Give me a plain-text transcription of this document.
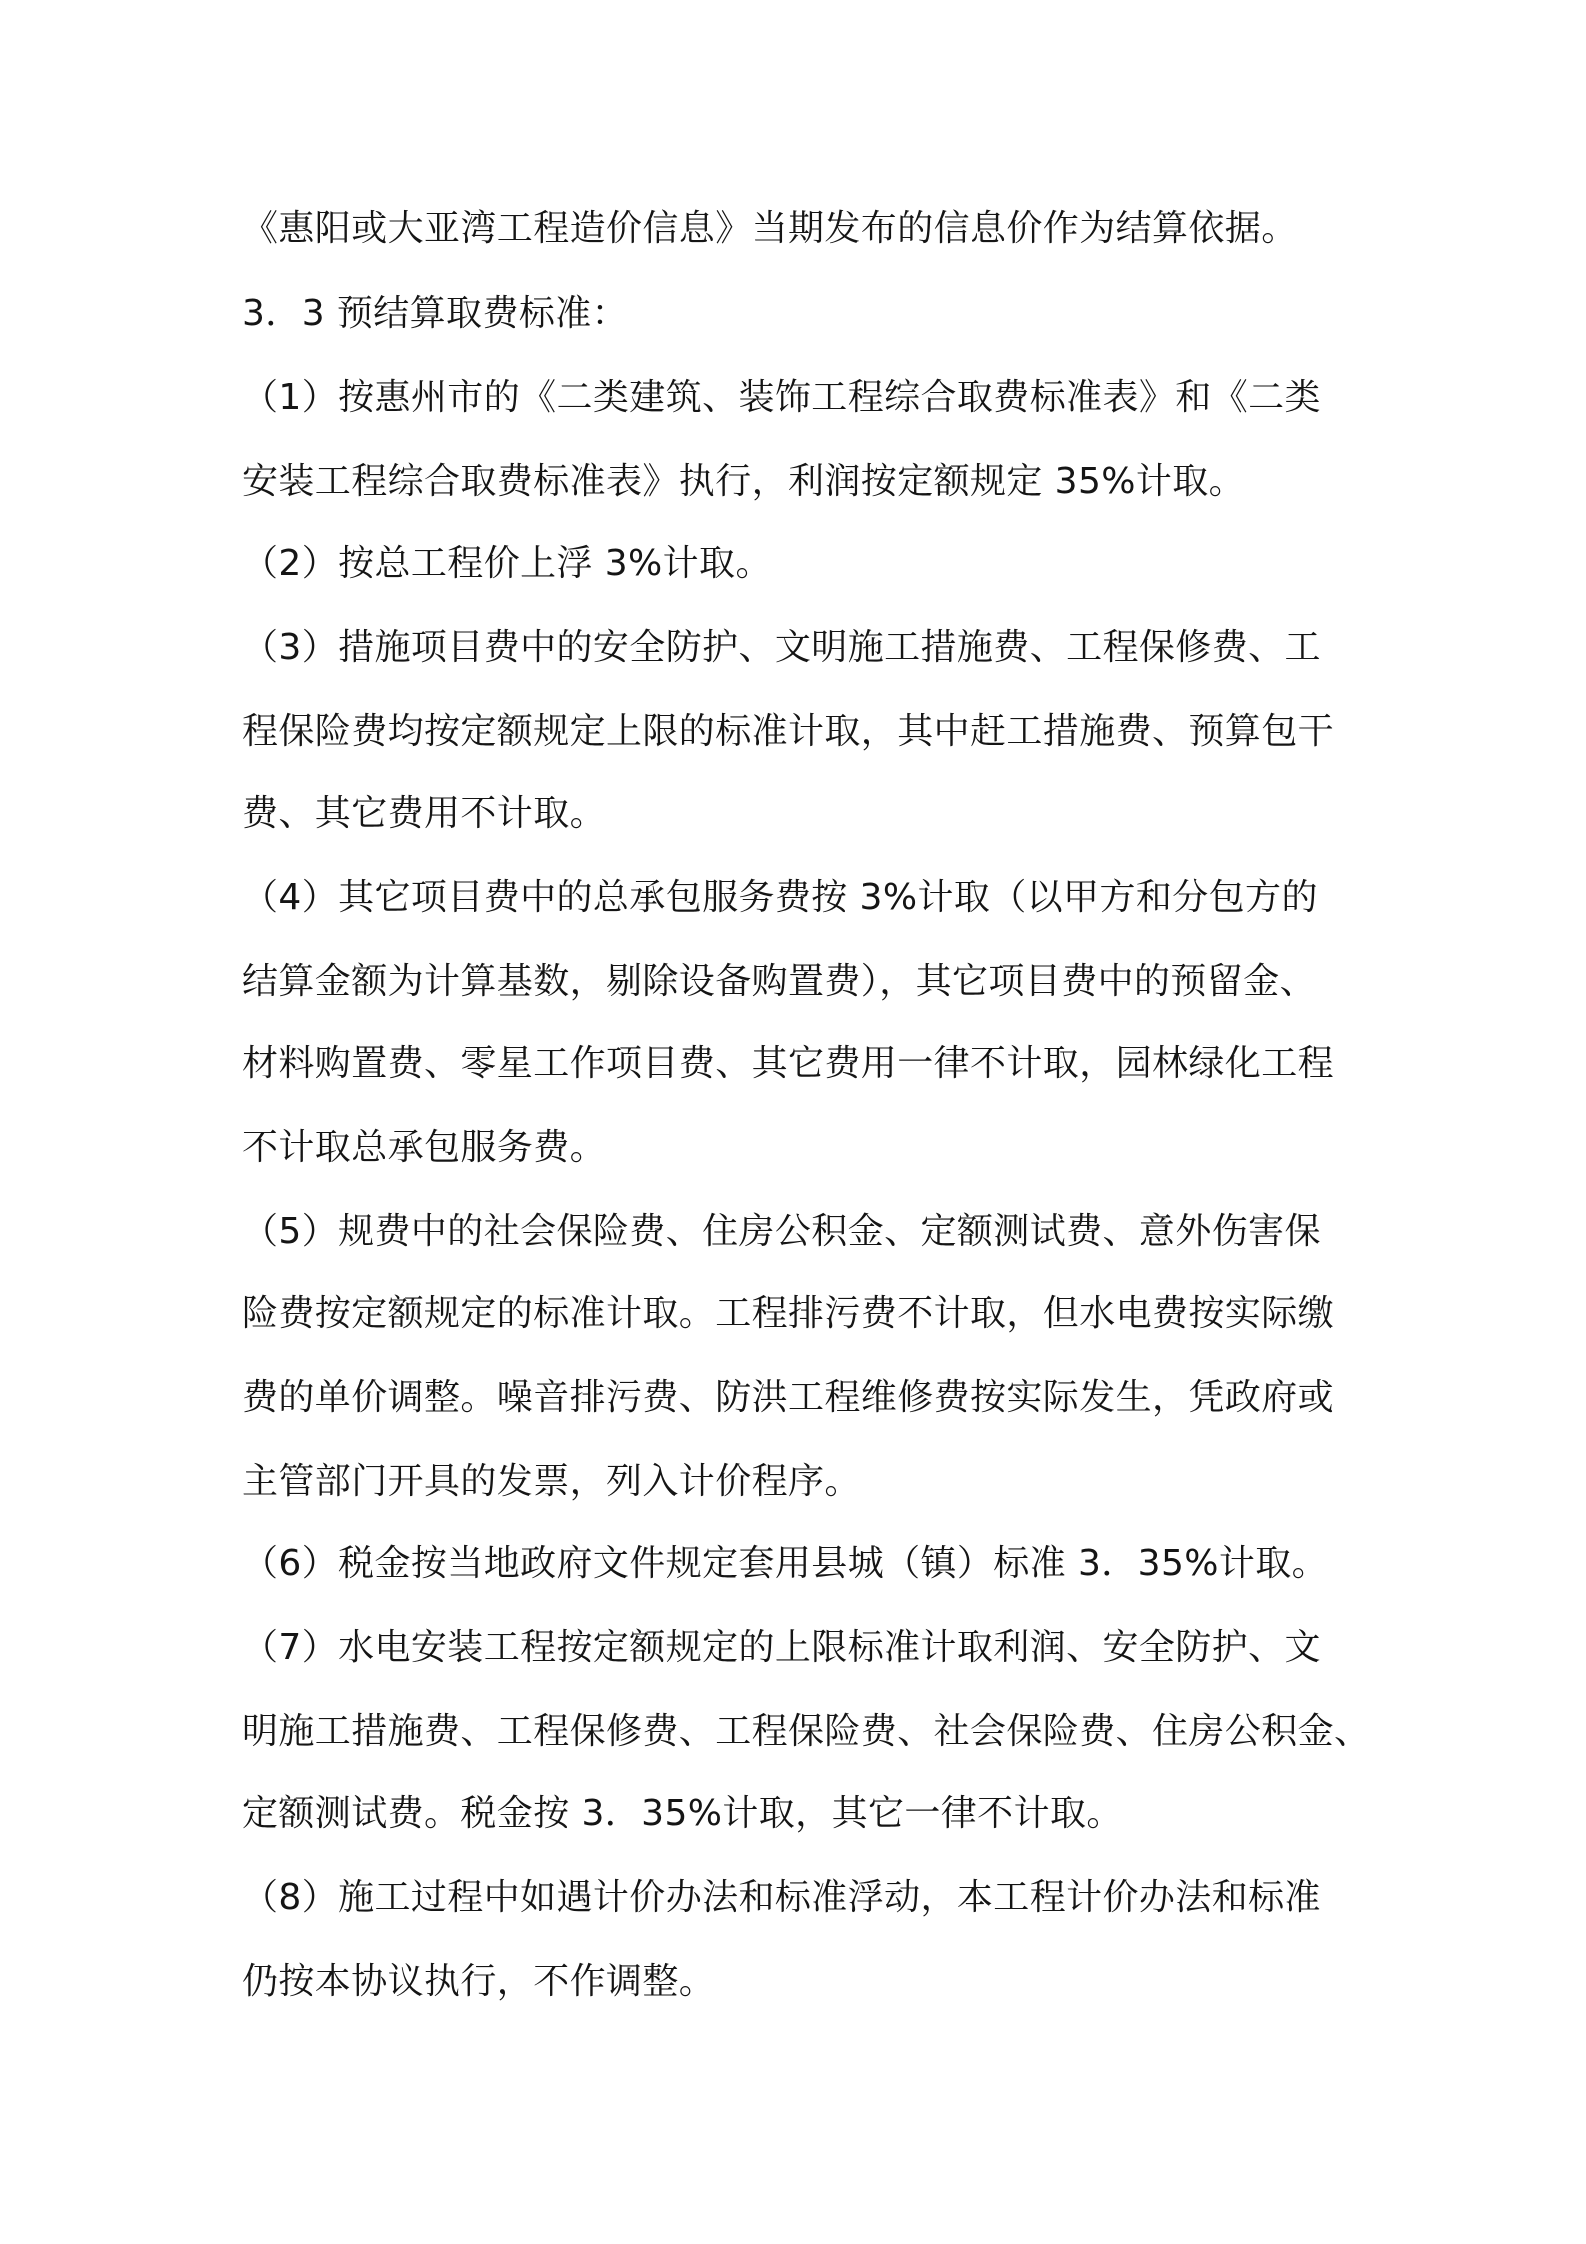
《惠阳或大亚湾工程造价信息》当期发布的信息价作为结算依据。
3．3 预结算取费标准：
（1）按惠州市的《二类建筑、装饰工程综合取费标准表》和《二类
安装工程综合取费标准表》执行，利润按定额规定 35%计取。
（2）按总工程价上浮 3%计取。
（3）措施项目费中的安全防护、文明施工措施费、工程保修费、工
程保险费均按定额规定上限的标准计取，其中赶工措施费、预算包干
费、其它费用不计取。
（4）其它项目费中的总承包服务费按 3%计取（以甲方和分包方的
结算金额为计算基数，剔除设备购置费），其它项目费中的预留金、
材料购置费、零星工作项目费、其它费用一律不计取，园林绿化工程
不计取总承包服务费。
（5）规费中的社会保险费、住房公积金、定额测试费、意外伤害保
险费按定额规定的标准计取。工程排污费不计取，但水电费按实际缴
费的单价调整。噪音排污费、防洪工程维修费按实际发生，凭政府或
主管部门开具的发票，列入计价程序。
（6）税金按当地政府文件规定套用县城（镇）标准 3．35%计取。
（7）水电安装工程按定额规定的上限标准计取利润、安全防护、文
明施工措施费、工程保修费、工程保险费、社会保险费、住房公积金、
定额测试费。税金按 3．35%计取，其它一律不计取。
（8）施工过程中如遇计价办法和标准浮动，本工程计价办法和标准
仍按本协议执行，不作调整。
